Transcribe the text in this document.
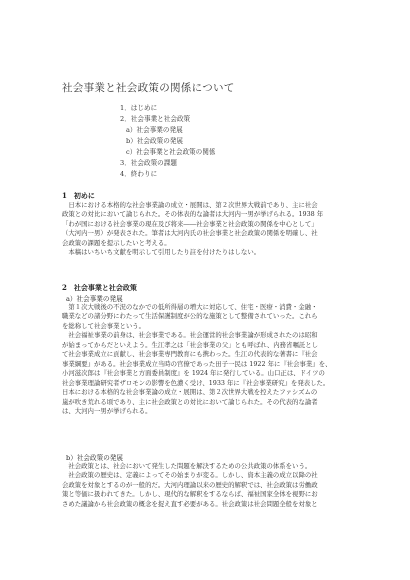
社会事業と社会政策の関係について
1．はじめに
2．社会事業と社会政策
a）社会事業の発展
b）社会政策の発展
c）社会事業と社会政策の関係
3．社会政策の課題
4．終わりに
1　初めに

日本における本格的な社会事業論の成立・展開は、第２次世界大戦前であり、主に社会

政策との対比において論じられた。その体表的な論者は大河内一男が挙げられる。1938 年

「わが国における社会事業の現在及び将来――社会事業と社会政策の関係を中心として」

（大河内一男）が発表された。筆者は大河内氏の社会事業と社会政策の関係を明確し、社

会政策の課題を提示したいと考える。

本稿はいちいち文献を明示して引用したり註を付けたりはしない。

2　社会事業と社会政策
a）社会事業の発展

第１次大戦後の不況のなかでの低所得層の増大に対応して、住宅・医療・消費・金融・

職業などの諸分野にわたって生活保護制度が公的な施策として整備されていった。これら

を総称して社会事業という。

社会福祉事業の前身は、社会事業である。社会運営的社会事業論が形成されたのは昭和

が始まってからだといえよう。生江孝之は「社会事業の父」とも呼ばれ、内務省嘱託とし

て社会事業成立に貢献し、社会事業専門教育にも携わった。生江の代表的な著書に『社会

事業綱要』がある。社会事業成立当時の官僚であった田子一民は 1922 年に『社会事業』を、

小河滋次郎は『社会事業と方面委員制度』を 1924 年に発行している。山口正は、ドイツの

社会事業理論研究者ザロモンの影響を色濃く受け、1933 年に『社会事業研究』を発表した。

日本における本格的な社会事業論の成立・展開は、第２次世界大戦を控えたファシズムの

嵐が吹き荒れる頃であり、主に社会政策との対比において論じられた。その代表的な論者

は、大河内一男が挙げられる。

b）社会政策の発展

社会政策とは、社会において発生した問題を解決するための公共政策の体系をいう。

社会政策の歴史は、定義によってその始まりが変る。しかし、資本主義の成立以降の社

会政策を対象とするのが一般的だ。大河内理論以来の歴史的解釈では、社会政策は労働政

策と等価に扱われてきた。しかし、現代的な解釈をするならば、福祉国家全体を視野にお

さめた議論から社会政策の概念を捉え直す必要がある。社会政策は社会問題全般を対象と
